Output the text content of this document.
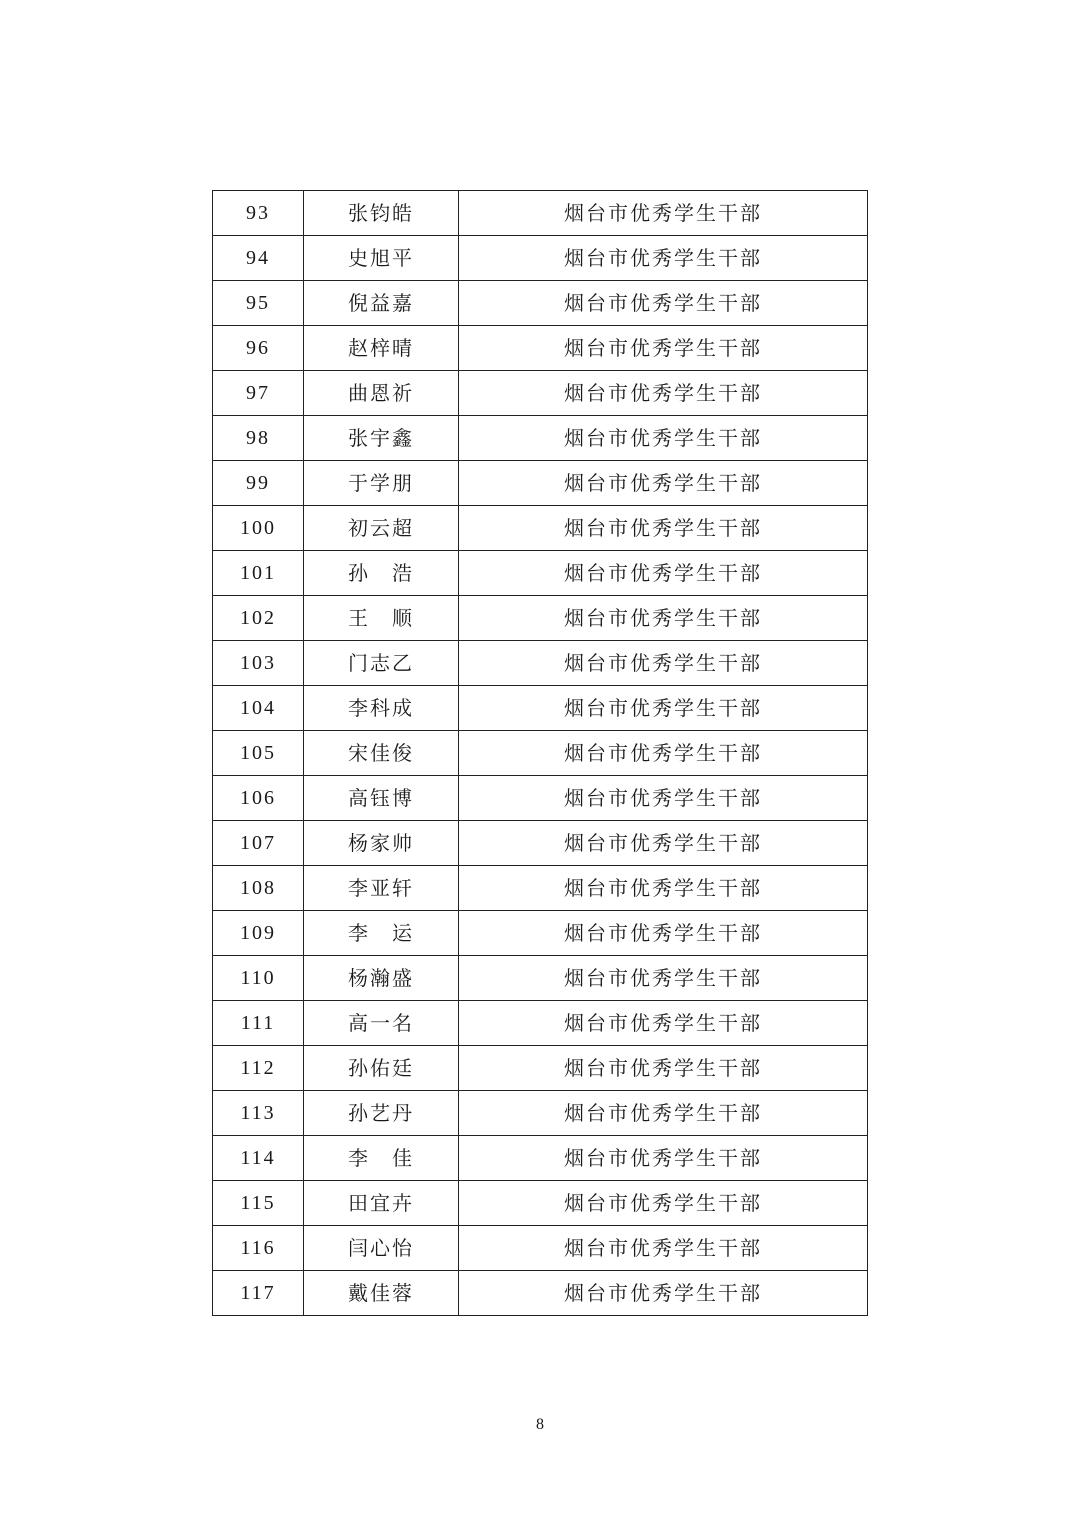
93	张钧皓	烟台市优秀学生干部
94	史旭平	烟台市优秀学生干部
95	倪益嘉	烟台市优秀学生干部
96	赵梓晴	烟台市优秀学生干部
97	曲恩祈	烟台市优秀学生干部
98	张宇鑫	烟台市优秀学生干部
99	于学朋	烟台市优秀学生干部
100	初云超	烟台市优秀学生干部
101	孙　浩	烟台市优秀学生干部
102	王　顺	烟台市优秀学生干部
103	门志乙	烟台市优秀学生干部
104	李科成	烟台市优秀学生干部
105	宋佳俊	烟台市优秀学生干部
106	高钰博	烟台市优秀学生干部
107	杨家帅	烟台市优秀学生干部
108	李亚轩	烟台市优秀学生干部
109	李　运	烟台市优秀学生干部
110	杨瀚盛	烟台市优秀学生干部
111	高一名	烟台市优秀学生干部
112	孙佑廷	烟台市优秀学生干部
113	孙艺丹	烟台市优秀学生干部
114	李　佳	烟台市优秀学生干部
115	田宜卉	烟台市优秀学生干部
116	闫心怡	烟台市优秀学生干部
117	戴佳蓉	烟台市优秀学生干部
8
